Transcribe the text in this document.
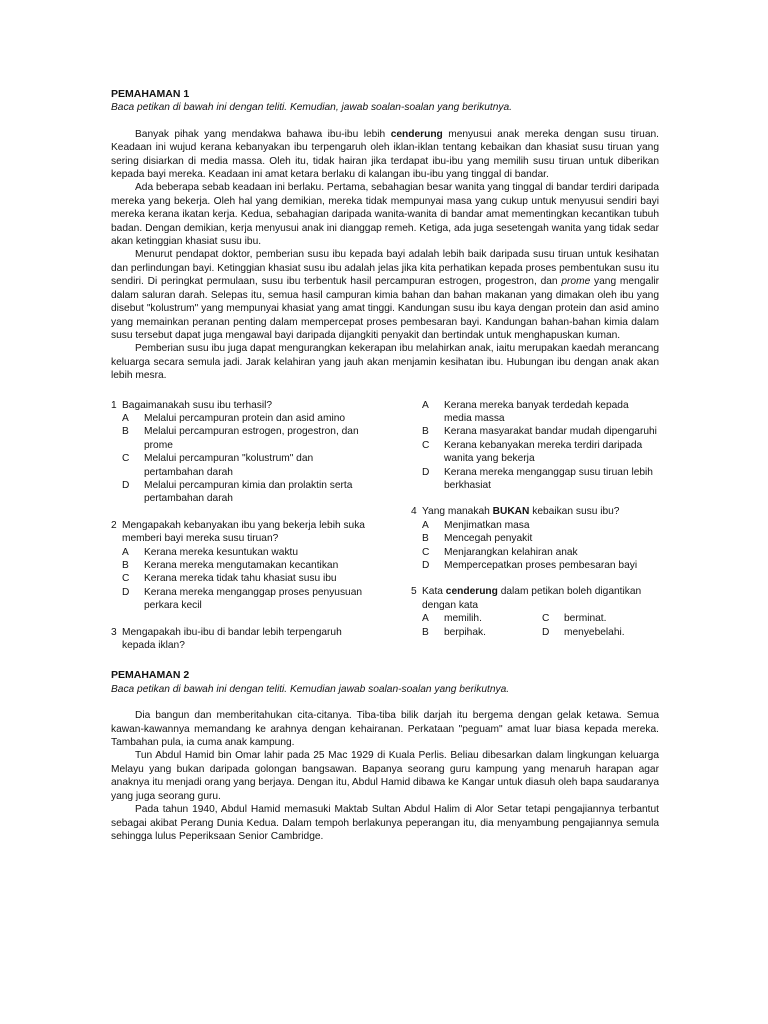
PEMAHAMAN 1

Baca petikan di bawah ini dengan teliti. Kemudian, jawab soalan-soalan yang berikutnya.

Banyak pihak yang mendakwa bahawa ibu-ibu lebih cenderung menyusui anak mereka dengan susu tiruan. Keadaan ini wujud kerana kebanyakan ibu terpengaruh oleh iklan-iklan tentang kebaikan dan khasiat susu tiruan yang sering disiarkan di media massa. Oleh itu, tidak hairan jika terdapat ibu-ibu yang memilih susu tiruan untuk diberikan kepada bayi mereka. Keadaan ini amat ketara berlaku di kalangan ibu-ibu yang tinggal di bandar.

Ada beberapa sebab keadaan ini berlaku. Pertama, sebahagian besar wanita yang tinggal di bandar terdiri daripada mereka yang bekerja. Oleh hal yang demikian, mereka tidak mempunyai masa yang cukup untuk menyusui sendiri bayi mereka kerana ikatan kerja. Kedua, sebahagian daripada wanita-wanita di bandar amat mementingkan kecantikan tubuh badan. Dengan demikian, kerja menyusui anak ini dianggap remeh. Ketiga, ada juga sesetengah wanita yang tidak sedar akan ketinggian khasiat susu ibu.

Menurut pendapat doktor, pemberian susu ibu kepada bayi adalah lebih baik daripada susu tiruan untuk kesihatan dan perlindungan bayi. Ketinggian khasiat susu ibu adalah jelas jika kita perhatikan kepada proses pembentukan susu itu sendiri. Di peringkat permulaan, susu ibu terbentuk hasil percampuran estrogen, progestron, dan prome yang mengalir dalam saluran darah. Selepas itu, semua hasil campuran kimia bahan dan bahan makanan yang dimakan oleh ibu yang disebut "kolustrum" yang mempunyai khasiat yang amat tinggi. Kandungan susu ibu kaya dengan protein dan asid amino yang memainkan peranan penting dalam mempercepat proses pembesaran bayi. Kandungan bahan-bahan kimia dalam susu tersebut dapat juga mengawal bayi daripada dijangkiti penyakit dan bertindak untuk menghapuskan kuman.

Pemberian susu ibu juga dapat mengurangkan kekerapan ibu melahirkan anak, iaitu merupakan kaedah merancang keluarga secara semula jadi. Jarak kelahiran yang jauh akan menjamin kesihatan ibu. Hubungan ibu dengan anak akan lebih mesra.

1 Bagaimanakah susu ibu terhasil?
A	Melalui percampuran protein dan asid amino
B	Melalui percampuran estrogen, progestron, dan prome
C	Melalui percampuran "kolustrum" dan pertambahan darah
D	Melalui percampuran kimia dan prolaktin serta pertambahan darah
2 Mengapakah kebanyakan ibu yang bekerja lebih suka memberi bayi mereka susu tiruan?
A	Kerana mereka kesuntukan waktu
B	Kerana mereka mengutamakan kecantikan
C	Kerana mereka tidak tahu khasiat susu ibu
D	Kerana mereka menganggap proses penyusuan perkara kecil
3 Mengapakah ibu-ibu di bandar lebih terpengaruh kepada iklan?
A	Kerana mereka banyak terdedah kepada media massa
B	Kerana masyarakat bandar mudah dipengaruhi
C	Kerana kebanyakan mereka terdiri daripada wanita yang bekerja
D	Kerana mereka menganggap susu tiruan lebih berkhasiat
4 Yang manakah BUKAN kebaikan susu ibu?
A	Menjimatkan masa
B	Mencegah penyakit
C	Menjarangkan kelahiran anak
D	Mempercepatkan proses pembesaran bayi
5 Kata cenderung dalam petikan boleh digantikan dengan kata
A	memilih.	C	berminat.
B	berpihak.	D	menyebelahi.

PEMAHAMAN 2

Baca petikan di bawah ini dengan teliti. Kemudian jawab soalan-soalan yang berikutnya.

Dia bangun dan memberitahukan cita-citanya. Tiba-tiba bilik darjah itu bergema dengan gelak ketawa. Semua kawan-kawannya memandang ke arahnya dengan kehairanan. Perkataan "peguam" amat luar biasa kepada mereka. Tambahan pula, ia cuma anak kampung.

Tun Abdul Hamid bin Omar lahir pada 25 Mac 1929 di Kuala Perlis. Beliau dibesarkan dalam lingkungan keluarga Melayu yang bukan daripada golongan bangsawan. Bapanya seorang guru kampung yang menaruh harapan agar anaknya itu menjadi orang yang berjaya. Dengan itu, Abdul Hamid dibawa ke Kangar untuk diasuh oleh bapa saudaranya yang juga seorang guru.

Pada tahun 1940, Abdul Hamid memasuki Maktab Sultan Abdul Halim di Alor Setar tetapi pengajiannya terbantut sebagai akibat Perang Dunia Kedua. Dalam tempoh berlakunya peperangan itu, dia menyambung pengajiannya semula sehingga lulus Peperiksaan Senior Cambridge.
